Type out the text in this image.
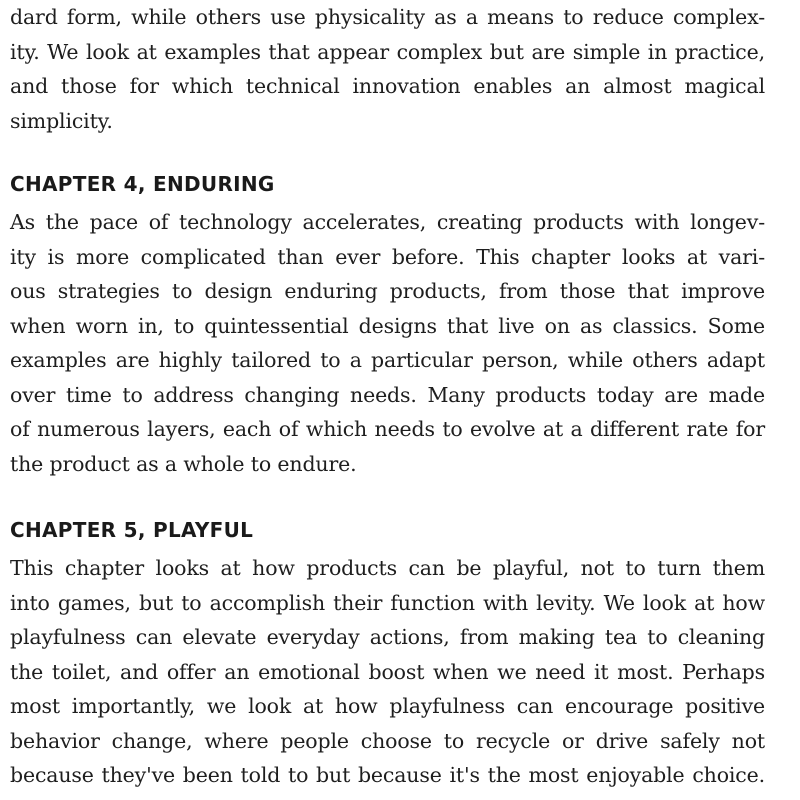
dard form, while others use physicality as a means to reduce complex-
ity. We look at examples that appear complex but are simple in practice,
and those for which technical innovation enables an almost magical
simplicity.
CHAPTER 4, ENDURING
As the pace of technology accelerates, creating products with longev-
ity is more complicated than ever before. This chapter looks at vari-
ous strategies to design enduring products, from those that improve
when worn in, to quintessential designs that live on as classics. Some
examples are highly tailored to a particular person, while others adapt
over time to address changing needs. Many products today are made
of numerous layers, each of which needs to evolve at a different rate for
the product as a whole to endure.
CHAPTER 5, PLAYFUL
This chapter looks at how products can be playful, not to turn them
into games, but to accomplish their function with levity. We look at how
playfulness can elevate everyday actions, from making tea to cleaning
the toilet, and offer an emotional boost when we need it most. Perhaps
most importantly, we look at how playfulness can encourage positive
behavior change, where people choose to recycle or drive safely not
because they've been told to but because it's the most enjoyable choice.
